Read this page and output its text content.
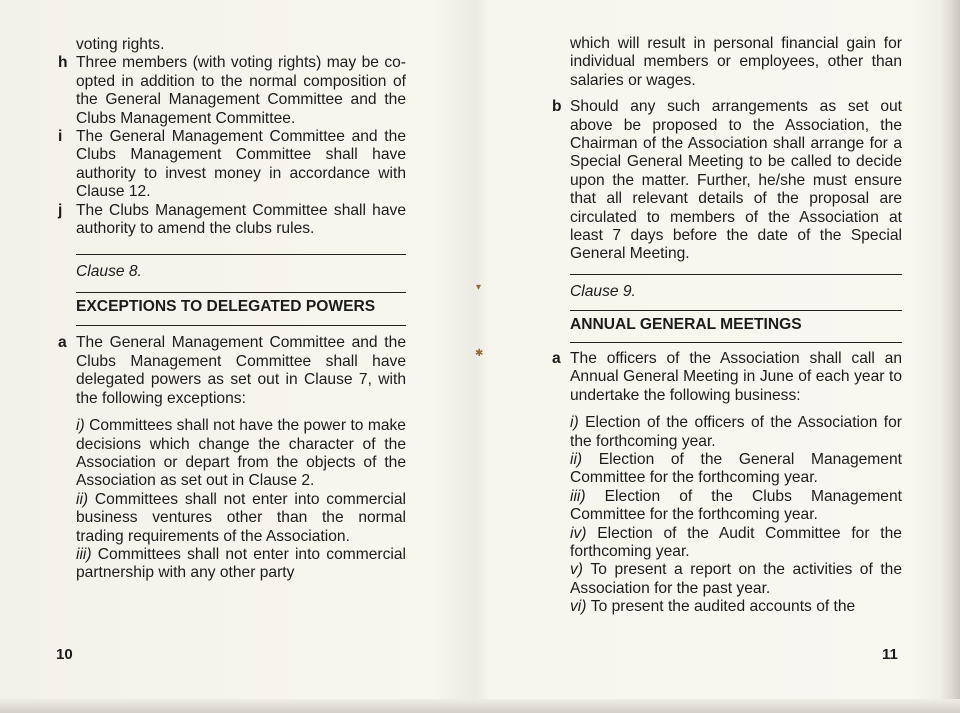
voting rights.
h Three members (with voting rights) may be co-opted in addition to the normal composition of the General Management Committee and the Clubs Management Committee.
i The General Management Committee and the Clubs Management Committee shall have authority to invest money in accordance with Clause 12.
j The Clubs Management Committee shall have authority to amend the clubs rules.
Clause 8.
EXCEPTIONS TO DELEGATED POWERS
a The General Management Committee and the Clubs Management Committee shall have delegated powers as set out in Clause 7, with the following exceptions:
i) Committees shall not have the power to make decisions which change the character of the Association or depart from the objects of the Association as set out in Clause 2.
ii) Committees shall not enter into commercial business ventures other than the normal trading requirements of the Association.
iii) Committees shall not enter into commercial partnership with any other party
10
▾
✱
which will result in personal financial gain for individual members or employees, other than salaries or wages.
b Should any such arrangements as set out above be proposed to the Association, the Chairman of the Association shall arrange for a Special General Meeting to be called to decide upon the matter. Further, he/she must ensure that all relevant details of the proposal are circulated to members of the Association at least 7 days before the date of the Special General Meeting.
Clause 9.
ANNUAL GENERAL MEETINGS
a The officers of the Association shall call an Annual General Meeting in June of each year to undertake the following business:
i) Election of the officers of the Association for the forthcoming year.
ii) Election of the General Management Committee for the forthcoming year.
iii) Election of the Clubs Management Committee for the forthcoming year.
iv) Election of the Audit Committee for the forthcoming year.
v) To present a report on the activities of the Association for the past year.
vi) To present the audited accounts of the
11
